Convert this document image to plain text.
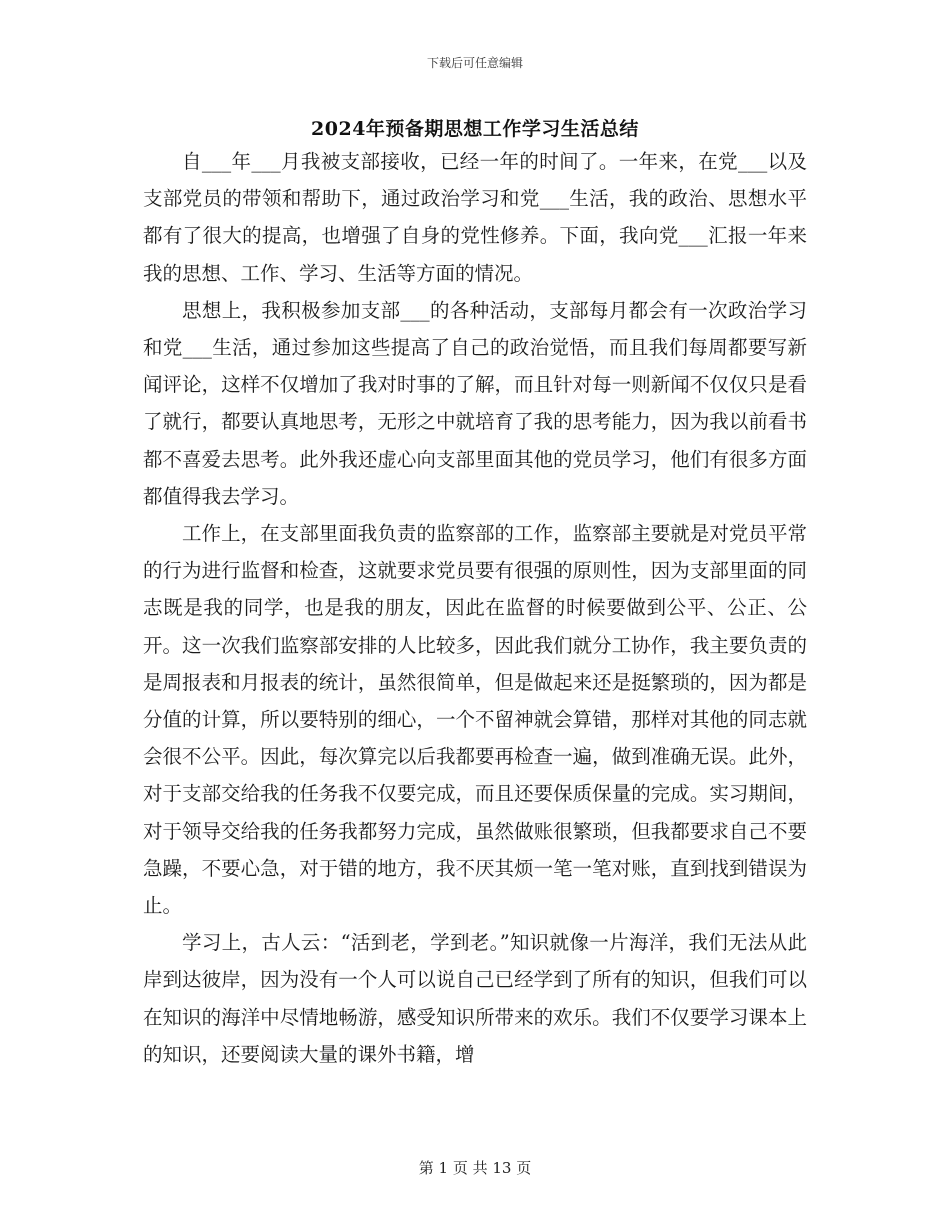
下载后可任意编辑
2024年预备期思想工作学习生活总结

自___年___月我被支部接收，已经一年的时间了。一年来，在党___以及支部党员的带领和帮助下，通过政治学习和党___生活，我的政治、思想水平都有了很大的提高，也增强了自身的党性修养。下面，我向党___汇报一年来我的思想、工作、学习、生活等方面的情况。

思想上，我积极参加支部___的各种活动，支部每月都会有一次政治学习和党___生活，通过参加这些提高了自己的政治觉悟，而且我们每周都要写新闻评论，这样不仅增加了我对时事的了解，而且针对每一则新闻不仅仅只是看了就行，都要认真地思考，无形之中就培育了我的思考能力，因为我以前看书都不喜爱去思考。此外我还虚心向支部里面其他的党员学习，他们有很多方面都值得我去学习。

工作上，在支部里面我负责的监察部的工作，监察部主要就是对党员平常的行为进行监督和检查，这就要求党员要有很强的原则性，因为支部里面的同志既是我的同学，也是我的朋友，因此在监督的时候要做到公平、公正、公开。这一次我们监察部安排的人比较多，因此我们就分工协作，我主要负责的是周报表和月报表的统计，虽然很简单，但是做起来还是挺繁琐的，因为都是分值的计算，所以要特别的细心，一个不留神就会算错，那样对其他的同志就会很不公平。因此，每次算完以后我都要再检查一遍，做到准确无误。此外，对于支部交给我的任务我不仅要完成，而且还要保质保量的完成。实习期间，对于领导交给我的任务我都努力完成，虽然做账很繁琐，但我都要求自己不要急躁，不要心急，对于错的地方，我不厌其烦一笔一笔对账，直到找到错误为止。

学习上，古人云：“活到老，学到老。”知识就像一片海洋，我们无法从此岸到达彼岸，因为没有一个人可以说自己已经学到了所有的知识，但我们可以在知识的海洋中尽情地畅游，感受知识所带来的欢乐。我们不仅要学习课本上的知识，还要阅读大量的课外书籍，增

第 1 页 共 13 页
